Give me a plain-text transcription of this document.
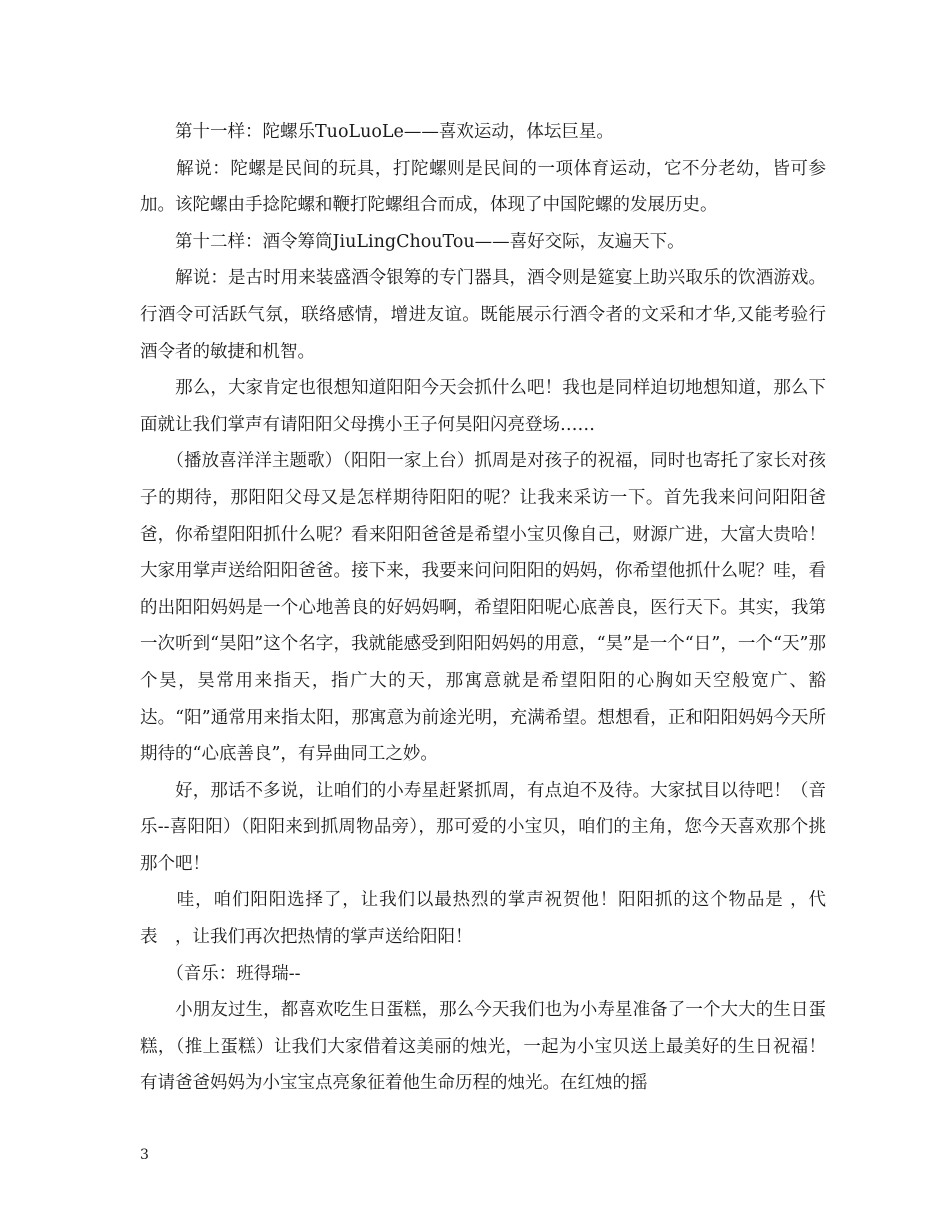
　　第十一样：陀螺乐TuoLuoLe——喜欢运动，体坛巨星。

　　解说：陀螺是民间的玩具，打陀螺则是民间的一项体育运动，它不分老幼，皆可参加。该陀螺由手捻陀螺和鞭打陀螺组合而成，体现了中国陀螺的发展历史。

　　第十二样：酒令筹筒JiuLingChouTou——喜好交际，友遍天下。

　　解说：是古时用来装盛酒令银筹的专门器具，酒令则是筵宴上助兴取乐的饮酒游戏。行酒令可活跃气氛，联络感情，增进友谊。既能展示行酒令者的文采和才华,又能考验行酒令者的敏捷和机智。

　　那么，大家肯定也很想知道阳阳今天会抓什么吧！我也是同样迫切地想知道，那么下面就让我们掌声有请阳阳父母携小王子何昊阳闪亮登场……

　　（播放喜洋洋主题歌）（阳阳一家上台）抓周是对孩子的祝福，同时也寄托了家长对孩子的期待，那阳阳父母又是怎样期待阳阳的呢？让我来采访一下。首先我来问问阳阳爸爸，你希望阳阳抓什么呢？看来阳阳爸爸是希望小宝贝像自己，财源广进，大富大贵哈！大家用掌声送给阳阳爸爸。接下来，我要来问问阳阳的妈妈，你希望他抓什么呢？哇，看的出阳阳妈妈是一个心地善良的好妈妈啊，希望阳阳呢心底善良，医行天下。其实，我第一次听到“昊阳”这个名字，我就能感受到阳阳妈妈的用意，“昊”是一个“日”，一个“天”那个昊，昊常用来指天，指广大的天，那寓意就是希望阳阳的心胸如天空般宽广、豁达。“阳”通常用来指太阳，那寓意为前途光明，充满希望。想想看，正和阳阳妈妈今天所期待的“心底善良”，有异曲同工之妙。

　　好，那话不多说，让咱们的小寿星赶紧抓周，有点迫不及待。大家拭目以待吧！（音乐--喜阳阳）（阳阳来到抓周物品旁），那可爱的小宝贝，咱们的主角，您今天喜欢那个挑那个吧！

　　哇，咱们阳阳选择了，让我们以最热烈的掌声祝贺他！阳阳抓的这个物品是 ，代表　，让我们再次把热情的掌声送给阳阳！

　　（音乐：班得瑞--

　　小朋友过生，都喜欢吃生日蛋糕，那么今天我们也为小寿星准备了一个大大的生日蛋糕，（推上蛋糕）让我们大家借着这美丽的烛光，一起为小宝贝送上最美好的生日祝福！有请爸爸妈妈为小宝宝点亮象征着他生命历程的烛光。在红烛的摇

3
